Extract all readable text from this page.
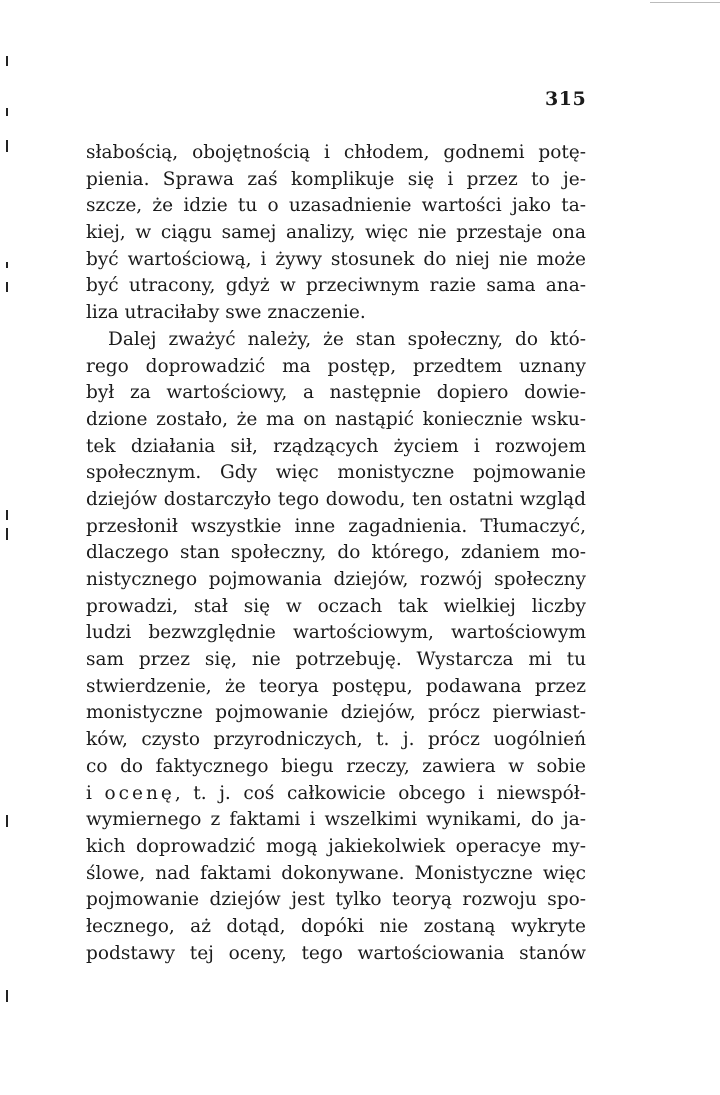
315
słabością, obojętnością i chłodem, godnemi potę-
pienia. Sprawa zaś komplikuje się i przez to je-
szcze, że idzie tu o uzasadnienie wartości jako ta-
kiej, w ciągu samej analizy, więc nie przestaje ona
być wartościową, i żywy stosunek do niej nie może
być utracony, gdyż w przeciwnym razie sama ana-
liza utraciłaby swe znaczenie.
Dalej zważyć należy, że stan społeczny, do któ-
rego doprowadzić ma postęp, przedtem uznany
był za wartościowy, a następnie dopiero dowie-
dzione zostało, że ma on nastąpić koniecznie wsku-
tek działania sił, rządzących życiem i rozwojem
społecznym. Gdy więc monistyczne pojmowanie
dziejów dostarczyło tego dowodu, ten ostatni wzgląd
przesłonił wszystkie inne zagadnienia. Tłumaczyć,
dlaczego stan społeczny, do którego, zdaniem mo-
nistycznego pojmowania dziejów, rozwój społeczny
prowadzi, stał się w oczach tak wielkiej liczby
ludzi bezwzględnie wartościowym, wartościowym
sam przez się, nie potrzebuję. Wystarcza mi tu
stwierdzenie, że teorya postępu, podawana przez
monistyczne pojmowanie dziejów, prócz pierwiast-
ków, czysto przyrodniczych, t. j. prócz uogólnień
co do faktycznego biegu rzeczy, zawiera w sobie
i ocenę, t. j. coś całkowicie obcego i niewspół-
wymiernego z faktami i wszelkimi wynikami, do ja-
kich doprowadzić mogą jakiekolwiek operacye my-
ślowe, nad faktami dokonywane. Monistyczne więc
pojmowanie dziejów jest tylko teoryą rozwoju spo-
łecznego, aż dotąd, dopóki nie zostaną wykryte
podstawy tej oceny, tego wartościowania stanów
